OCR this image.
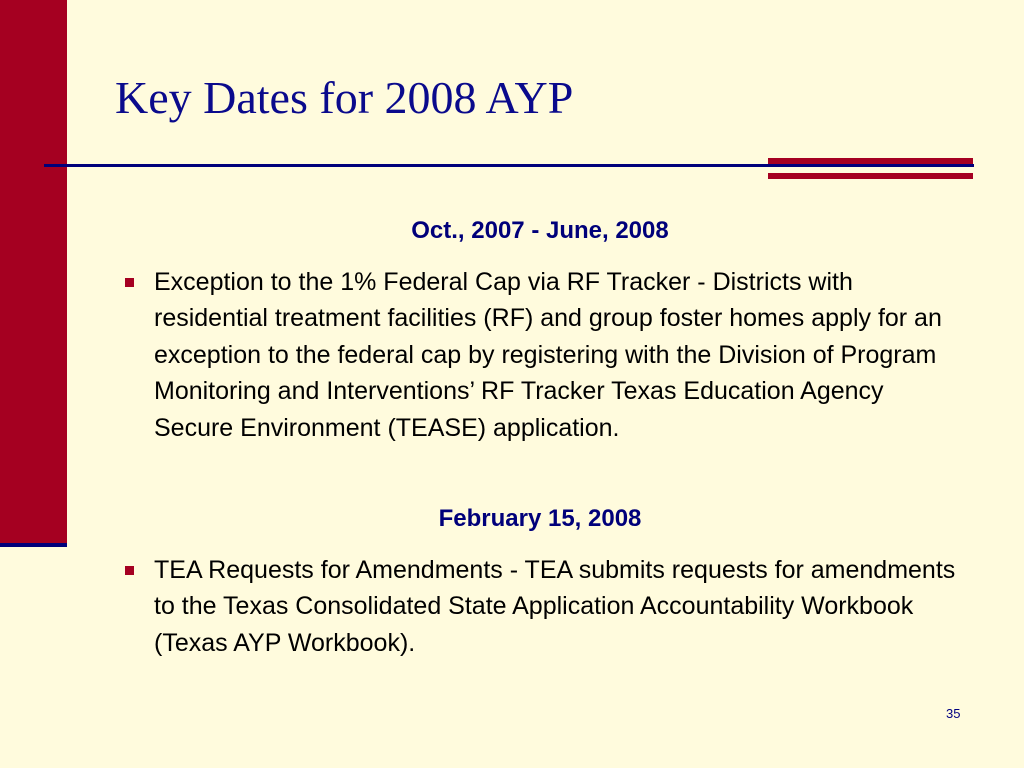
Key Dates for 2008 AYP
Oct., 2007 - June, 2008
Exception to the 1% Federal Cap via RF Tracker - Districts with residential treatment facilities (RF) and group foster homes apply for an exception to the federal cap by registering with the Division of Program Monitoring and Interventions’ RF Tracker Texas Education Agency Secure Environment (TEASE) application.
February 15, 2008
TEA Requests for Amendments - TEA submits requests for amendments to the Texas Consolidated State Application Accountability Workbook (Texas AYP Workbook).
35
